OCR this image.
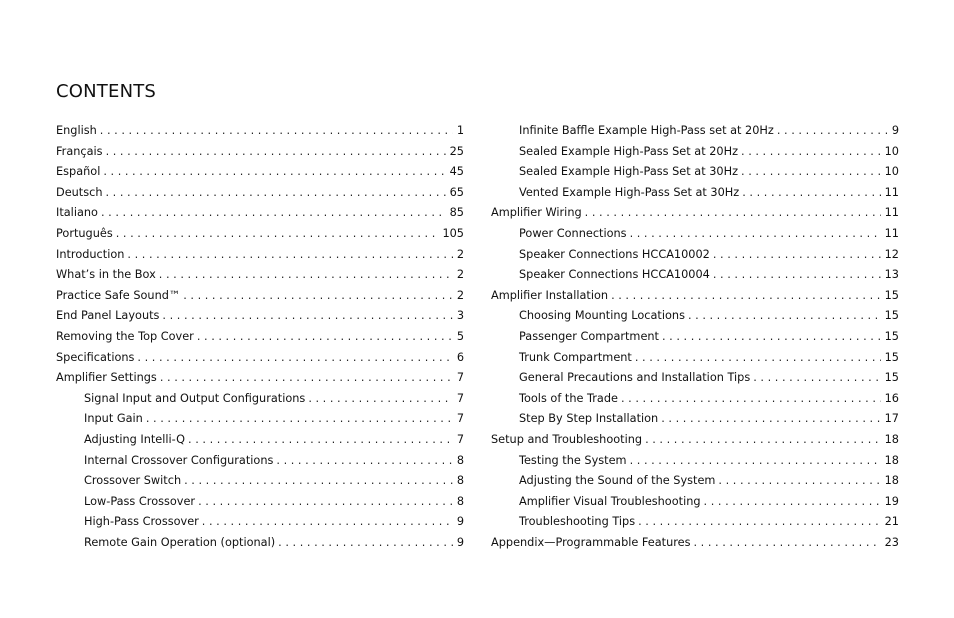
CONTENTS
English . . .	1
Français . . .	25
Español . . .	45
Deutsch . . .	65
Italiano . . .	85
Português . . .	105
Introduction . . .	2
What’s in the Box . . .	2
Practice Safe Sound™ . . .	2
End Panel Layouts . . .	3
Removing the Top Cover . . .	5
Specifications . . .	6
Amplifier Settings . . .	7
Signal Input and Output Configurations . . .	7
Input Gain . . .	7
Adjusting Intelli-Q . . .	7
Internal Crossover Configurations . . .	8
Crossover Switch . . .	8
Low-Pass Crossover . . .	8
High-Pass Crossover . . .	9
Remote Gain Operation (optional) . . .	9
Infinite Baffle Example High-Pass set at 20Hz . . .	9
Sealed Example High-Pass Set at 20Hz . . .	10
Sealed Example High-Pass Set at 30Hz . . .	10
Vented Example High-Pass Set at 30Hz . . .	11
Amplifier Wiring . . .	11
Power Connections . . .	11
Speaker Connections HCCA10002 . . .	12
Speaker Connections HCCA10004 . . .	13
Amplifier Installation . . .	15
Choosing Mounting Locations . . .	15
Passenger Compartment . . .	15
Trunk Compartment . . .	15
General Precautions and Installation Tips . . .	15
Tools of the Trade . . .	16
Step By Step Installation . . .	17
Setup and Troubleshooting . . .	18
Testing the System . . .	18
Adjusting the Sound of the System . . .	18
Amplifier Visual Troubleshooting . . .	19
Troubleshooting Tips . . .	21
Appendix—Programmable Features . . .	23
